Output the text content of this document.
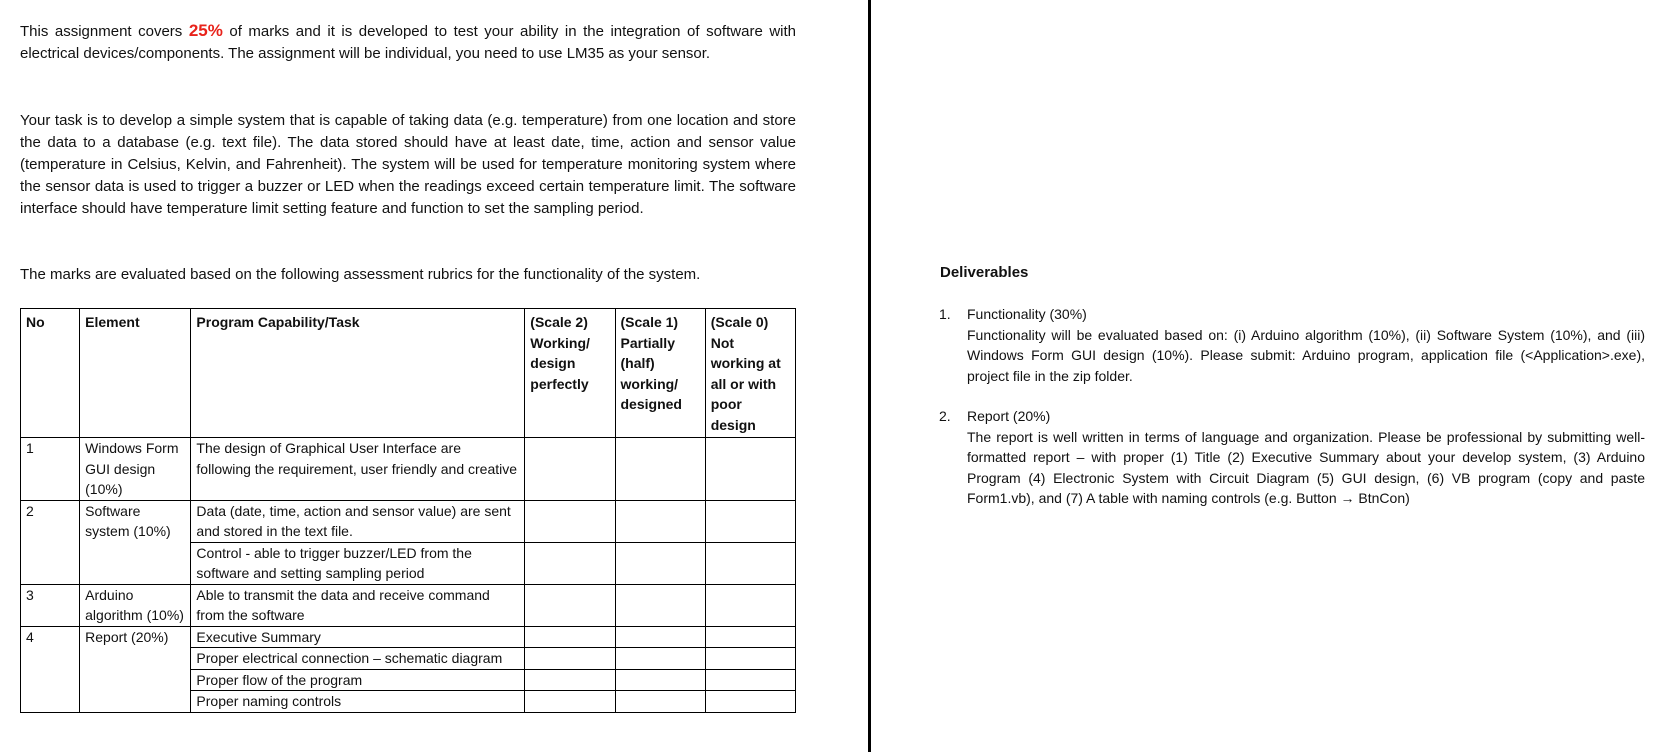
This assignment covers 25% of marks and it is developed to test your ability in the integration of software with electrical devices/components. The assignment will be individual, you need to use LM35 as your sensor.

Your task is to develop a simple system that is capable of taking data (e.g. temperature) from one location and store the data to a database (e.g. text file). The data stored should have at least date, time, action and sensor value (temperature in Celsius, Kelvin, and Fahrenheit). The system will be used for temperature monitoring system where the sensor data is used to trigger a buzzer or LED when the readings exceed certain temperature limit. The software interface should have temperature limit setting feature and function to set the sampling period.

The marks are evaluated based on the following assessment rubrics for the functionality of the system.

No	Element	Program Capability/Task	(Scale 2) Working/ design perfectly	(Scale 1) Partially (half) working/ designed	(Scale 0) Not working at all or with poor design
1	Windows Form GUI design (10%)	The design of Graphical User Interface are following the requirement, user friendly and creative			
2	Software system (10%)	Data (date, time, action and sensor value) are sent and stored in the text file.			
		Control - able to trigger buzzer/LED from the software and setting sampling period			
3	Arduino algorithm (10%)	Able to transmit the data and receive command from the software			
4	Report (20%)	Executive Summary			
		Proper electrical connection – schematic diagram			
		Proper flow of the program			
		Proper naming controls			

Deliverables

1. Functionality (30%)

Functionality will be evaluated based on: (i) Arduino algorithm (10%), (ii) Software System (10%), and (iii) Windows Form GUI design (10%). Please submit: Arduino program, application file (<Application>.exe), project file in the zip folder.

2. Report (20%)

The report is well written in terms of language and organization. Please be professional by submitting well-formatted report – with proper (1) Title (2) Executive Summary about your develop system, (3) Arduino Program (4) Electronic System with Circuit Diagram (5) GUI design, (6) VB program (copy and paste Form1.vb), and (7) A table with naming controls (e.g. Button → BtnCon)
